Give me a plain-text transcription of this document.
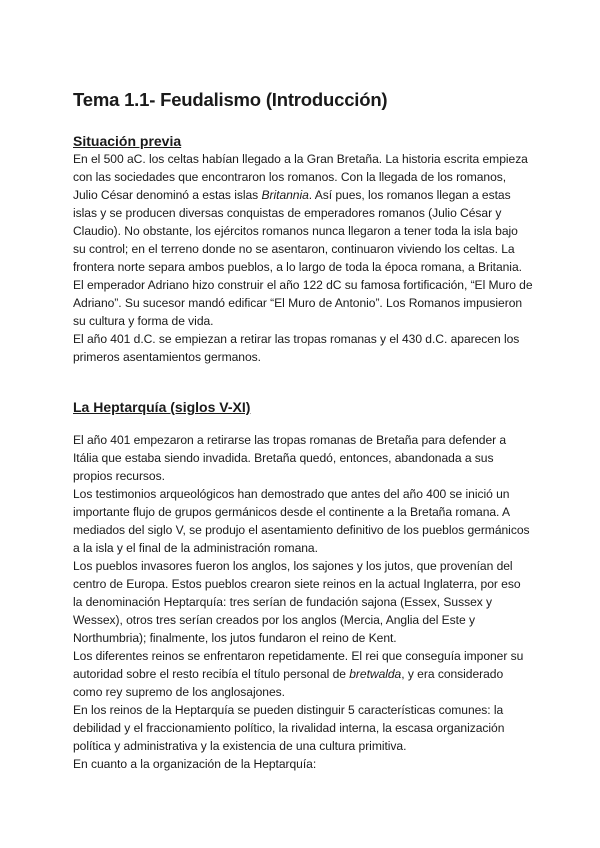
Tema 1.1- Feudalismo (Introducción)
Situación previa

En el 500 aC. los celtas habían llegado a la Gran Bretaña. La historia escrita empieza con las sociedades que encontraron los romanos. Con la llegada de los romanos, Julio César denominó a estas islas Britannia. Así pues, los romanos llegan a estas islas y se producen diversas conquistas de emperadores romanos (Julio César y Claudio). No obstante, los ejércitos romanos nunca llegaron a tener toda la isla bajo su control; en el terreno donde no se asentaron, continuaron viviendo los celtas. La frontera norte separa ambos pueblos, a lo largo de toda la época romana, a Britania. El emperador Adriano hizo construir el año 122 dC su famosa fortificación, “El Muro de Adriano”. Su sucesor mandó edificar “El Muro de Antonio”. Los Romanos impusieron su cultura y forma de vida.

El año 401 d.C. se empiezan a retirar las tropas romanas y el 430 d.C. aparecen los primeros asentamientos germanos.

La Heptarquía (siglos V-XI)

El año 401 empezaron a retirarse las tropas romanas de Bretaña para defender a Itália que estaba siendo invadida. Bretaña quedó, entonces, abandonada a sus propios recursos.

Los testimonios arqueológicos han demostrado que antes del año 400 se inició un importante flujo de grupos germánicos desde el continente a la Bretaña romana. A mediados del siglo V, se produjo el asentamiento definitivo de los pueblos germánicos a la isla y el final de la administración romana.

Los pueblos invasores fueron los anglos, los sajones y los jutos, que provenían del centro de Europa. Estos pueblos crearon siete reinos en la actual Inglaterra, por eso la denominación Heptarquía: tres serían de fundación sajona (Essex, Sussex y Wessex), otros tres serían creados por los anglos (Mercia, Anglia del Este y Northumbria); finalmente, los jutos fundaron el reino de Kent.

Los diferentes reinos se enfrentaron repetidamente. El rei que conseguía imponer su autoridad sobre el resto recibía el título personal de bretwalda, y era considerado como rey supremo de los anglosajones.

En los reinos de la Heptarquía se pueden distinguir 5 características comunes: la debilidad y el fraccionamiento político, la rivalidad interna, la escasa organización política y administrativa y la existencia de una cultura primitiva.

En cuanto a la organización de la Heptarquía:
